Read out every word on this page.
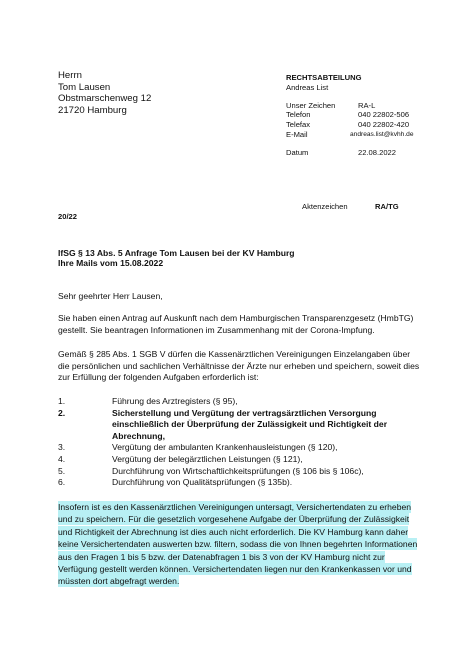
Herrn
Tom Lausen
Obstmarschenweg 12
21720 Hamburg
RECHTSABTEILUNG
Andreas List
Unser Zeichen	RA-L
Telefon	040 22802-506
Telefax	040 22802-420
E-Mail	andreas.list@kvhh.de
Datum	22.08.2022
Aktenzeichen	RA/TG
20/22
IfSG § 13 Abs. 5 Anfrage Tom Lausen bei der KV Hamburg
Ihre Mails vom 15.08.2022

Sehr geehrter Herr Lausen,

Sie haben einen Antrag auf Auskunft nach dem Hamburgischen Transparenzgesetz (HmbTG) gestellt. Sie beantragen Informationen im Zusammenhang mit der Corona-Impfung.

Gemäß § 285 Abs. 1 SGB V dürfen die Kassenärztlichen Vereinigungen Einzelangaben über die persönlichen und sachlichen Verhältnisse der Ärzte nur erheben und speichern, soweit dies zur Erfüllung der folgenden Aufgaben erforderlich ist:

1.	Führung des Arztregisters (§ 95),
2.	Sicherstellung und Vergütung der vertragsärztlichen Versorgung einschließlich der Überprüfung der Zulässigkeit und Richtigkeit der Abrechnung,
3.	Vergütung der ambulanten Krankenhausleistungen (§ 120),
4.	Vergütung der belegärztlichen Leistungen (§ 121),
5.	Durchführung von Wirtschaftlichkeitsprüfungen (§ 106 bis § 106c),
6.	Durchführung von Qualitätsprüfungen (§ 135b).
Insofern ist es den Kassenärztlichen Vereinigungen untersagt, Versichertendaten zu erheben und zu speichern. Für die gesetzlich vorgesehene Aufgabe der Überprüfung der Zulässigkeit und Richtigkeit der Abrechnung ist dies auch nicht erforderlich. Die KV Hamburg kann daher keine Versichertendaten auswerten bzw. filtern, sodass die von Ihnen begehrten Informationen aus den Fragen 1 bis 5 bzw. der Datenabfragen 1 bis 3 von der KV Hamburg nicht zur Verfügung gestellt werden können. Versichertendaten liegen nur den Krankenkassen vor und müssten dort abgefragt werden.
